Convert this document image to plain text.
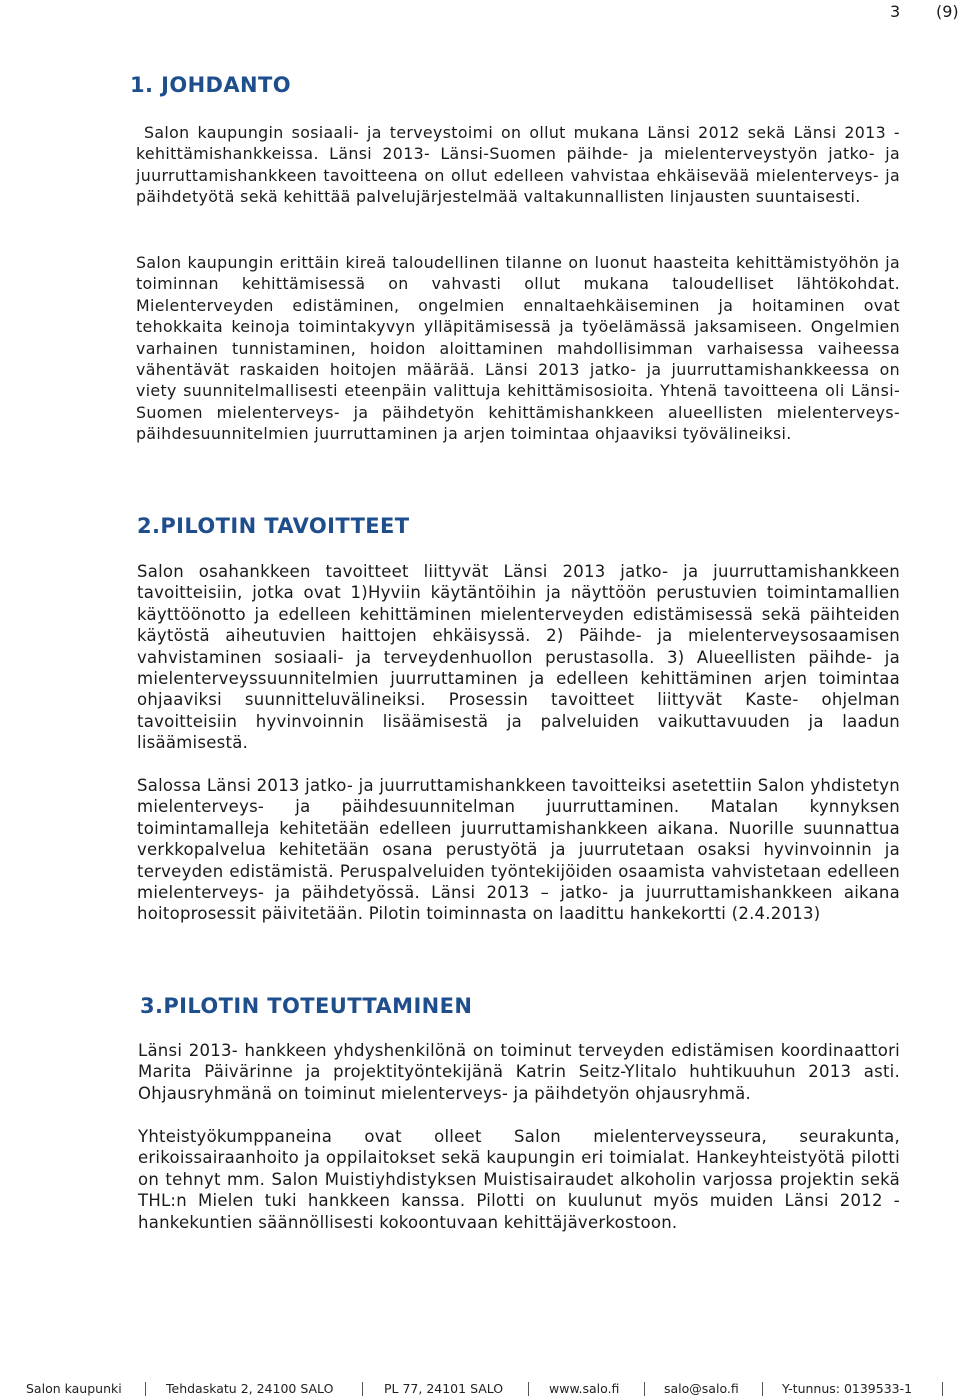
3 (9)
1. JOHDANTO

Salon kaupungin sosiaali- ja terveystoimi on ollut mukana Länsi 2012 sekä Länsi 2013 -kehittämishankkeissa. Länsi 2013- Länsi-Suomen päihde- ja mielenterveystyön jatko- ja juurruttamishankkeen tavoitteena on ollut edelleen vahvistaa ehkäisevää mielenterveys- ja päihdetyötä sekä kehittää palvelujärjestelmää valtakunnallisten linjausten suuntaisesti.

Salon kaupungin erittäin kireä taloudellinen tilanne on luonut haasteita kehittämistyöhön ja toiminnan kehittämisessä on vahvasti ollut mukana taloudelliset lähtökohdat. Mielenterveyden edistäminen, ongelmien ennaltaehkäiseminen ja hoitaminen ovat tehokkaita keinoja toimintakyvyn ylläpitämisessä ja työelämässä jaksamiseen. Ongelmien varhainen tunnistaminen, hoidon aloittaminen mahdollisimman varhaisessa vaiheessa vähentävät raskaiden hoitojen määrää. Länsi 2013 jatko- ja juurruttamishankkeessa on viety suunnitelmallisesti eteenpäin valittuja kehittämisosioita. Yhtenä tavoitteena oli Länsi- Suomen mielenterveys- ja päihdetyön kehittämishankkeen alueellisten mielenterveys- päihdesuunnitelmien juurruttaminen ja arjen toimintaa ohjaaviksi työvälineiksi.

2.PILOTIN TAVOITTEET

Salon osahankkeen tavoitteet liittyvät Länsi 2013 jatko- ja juurruttamishankkeen tavoitteisiin, jotka ovat 1)Hyviin käytäntöihin ja näyttöön perustuvien toimintamallien käyttöönotto ja edelleen kehittäminen mielenterveyden edistämisessä sekä päihteiden käytöstä aiheutuvien haittojen ehkäisyssä. 2) Päihde- ja mielenterveysosaamisen vahvistaminen sosiaali- ja terveydenhuollon perustasolla. 3) Alueellisten päihde- ja mielenterveyssuunnitelmien juurruttaminen ja edelleen kehittäminen arjen toimintaa ohjaaviksi suunnitteluvälineiksi. Prosessin tavoitteet liittyvät Kaste- ohjelman tavoitteisiin hyvinvoinnin lisäämisestä ja palveluiden vaikuttavuuden ja laadun lisäämisestä.

Salossa Länsi 2013 jatko- ja juurruttamishankkeen tavoitteiksi asetettiin Salon yhdistetyn mielenterveys- ja päihdesuunnitelman juurruttaminen. Matalan kynnyksen toimintamalleja kehitetään edelleen juurruttamishankkeen aikana. Nuorille suunnattua verkkopalvelua kehitetään osana perustyötä ja juurrutetaan osaksi hyvinvoinnin ja terveyden edistämistä. Peruspalveluiden työntekijöiden osaamista vahvistetaan edelleen mielenterveys- ja päihdetyössä. Länsi 2013 – jatko- ja juurruttamishankkeen aikana hoitoprosessit päivitetään. Pilotin toiminnasta on laadittu hankekortti (2.4.2013)

3.PILOTIN TOTEUTTAMINEN

Länsi 2013- hankkeen yhdyshenkilönä on toiminut terveyden edistämisen koordinaattori Marita Päivärinne ja projektityöntekijänä Katrin Seitz-Ylitalo huhtikuuhun 2013 asti. Ohjausryhmänä on toiminut mielenterveys- ja päihdetyön ohjausryhmä.

Yhteistyökumppaneina ovat olleet Salon mielenterveysseura, seurakunta, erikoissairaanhoito ja oppilaitokset sekä kaupungin eri toimialat. Hankeyhteistyötä pilotti on tehnyt mm. Salon Muistiyhdistyksen Muistisairaudet alkoholin varjossa projektin sekä THL:n Mielen tuki hankkeen kanssa. Pilotti on kuulunut myös muiden Länsi 2012 -hankekuntien säännöllisesti kokoontuvaan kehittäjäverkostoon.

Salon kaupunki	Tehdaskatu 2, 24100 SALO	PL 77, 24101 SALO	www.salo.fi	salo@salo.fi	Y-tunnus: 0139533-1
